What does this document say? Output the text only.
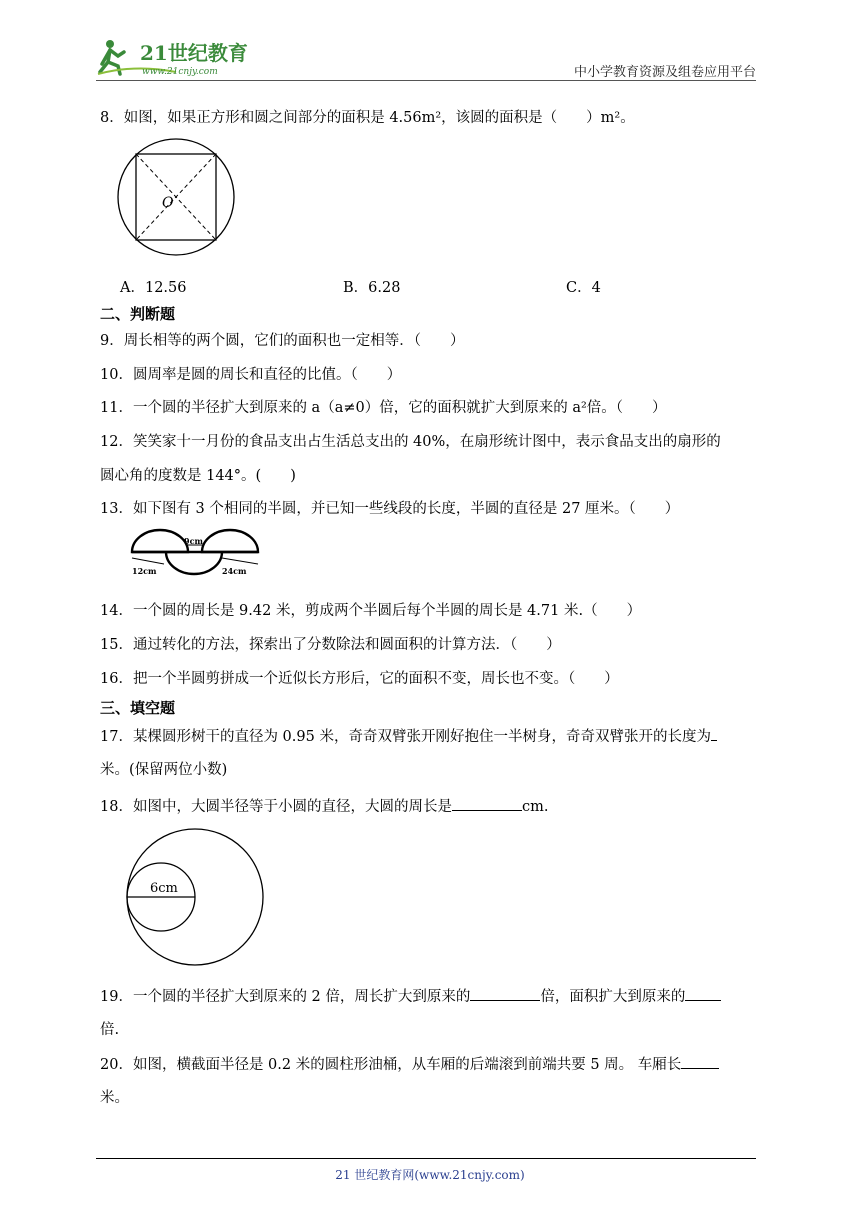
21世纪教育
www.21cnjy.com	中小学教育资源及组卷应用平台
8．如图，如果正方形和圆之间部分的面积是 4.56m²，该圆的面积是（　　）m²。
O
A．12.56	B．6.28	C．4
二、判断题
9．周长相等的两个圆，它们的面积也一定相等．（　　）
10．圆周率是圆的周长和直径的比值。（　　）
11．一个圆的半径扩大到原来的 a（a≠0）倍，它的面积就扩大到原来的 a²倍。（　　）
12．笑笑家十一月份的食品支出占生活总支出的 40%，在扇形统计图中，表示食品支出的扇形的
圆心角的度数是 144°。(　　)
13．如下图有 3 个相同的半圆，并已知一些线段的长度，半圆的直径是 27 厘米。（　　）
9cm
12cm	24cm
14．一个圆的周长是 9.42 米，剪成两个半圆后每个半圆的周长是 4.71 米.（　　）
15．通过转化的方法，探索出了分数除法和圆面积的计算方法．（　　）
16．把一个半圆剪拼成一个近似长方形后，它的面积不变，周长也不变。（　　）
三、填空题
17．某棵圆形树干的直径为 0.95 米，奇奇双臂张开刚好抱住一半树身，奇奇双臂张开的长度为
米。(保留两位小数)
18．如图中，大圆半径等于小圆的直径，大圆的周长是	cm.
6cm
19．一个圆的半径扩大到原来的 2 倍，周长扩大到原来的	倍，面积扩大到原来的
倍.
20．如图，横截面半径是 0.2 米的圆柱形油桶，从车厢的后端滚到前端共要 5 周。 车厢长
米。
21 世纪教育网(www.21cnjy.com)
